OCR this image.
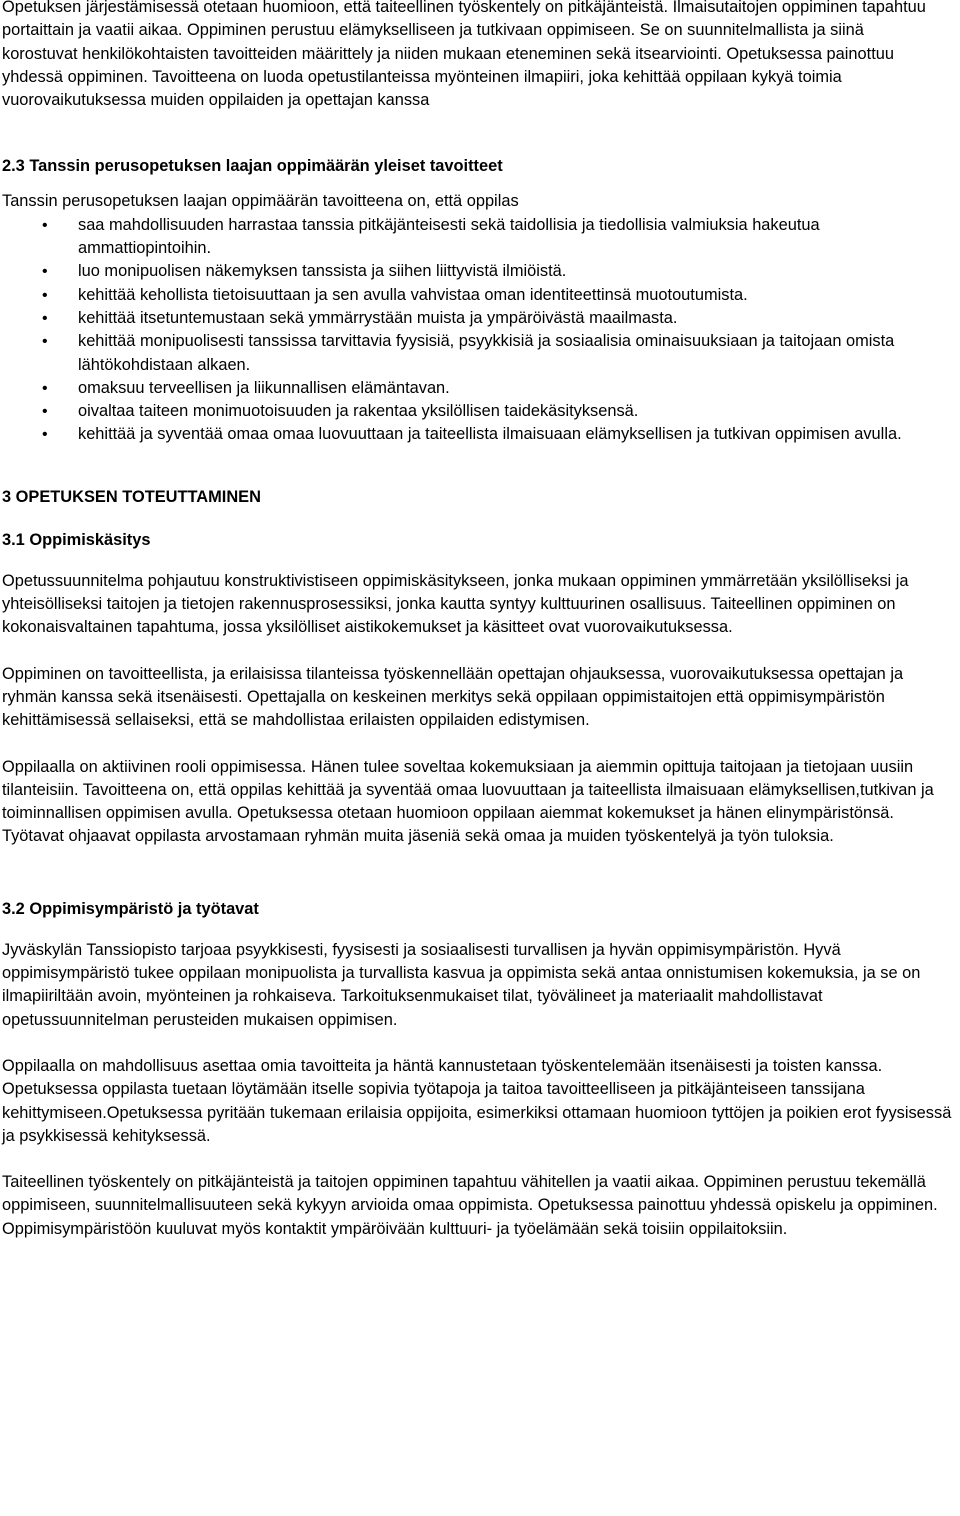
Opetuksen järjestämisessä otetaan huomioon, että taiteellinen työskentely on pitkäjänteistä. Ilmaisutaitojen oppiminen tapahtuu portaittain ja vaatii aikaa. Oppiminen perustuu elämykselliseen ja tutkivaan oppimiseen. Se on suunnitelmallista ja siinä korostuvat henkilökohtaisten tavoitteiden määrittely ja niiden mukaan eteneminen sekä itsearviointi. Opetuksessa painottuu yhdessä oppiminen. Tavoitteena on luoda opetustilanteissa myönteinen ilmapiiri, joka kehittää oppilaan kykyä toimia vuorovaikutuksessa muiden oppilaiden ja opettajan kanssa

2.3 Tanssin perusopetuksen laajan oppimäärän yleiset tavoitteet

Tanssin perusopetuksen laajan oppimäärän tavoitteena on, että oppilas

• saa mahdollisuuden harrastaa tanssia pitkäjänteisesti sekä taidollisia ja tiedollisia valmiuksia hakeutua ammattiopintoihin.
• luo monipuolisen näkemyksen tanssista ja siihen liittyvistä ilmiöistä.
• kehittää kehollista tietoisuuttaan ja sen avulla vahvistaa oman identiteettinsä muotoutumista.
• kehittää itsetuntemustaan sekä ymmärrystään muista ja ympäröivästä maailmasta.
• kehittää monipuolisesti tanssissa tarvittavia fyysisiä, psyykkisiä ja sosiaalisia ominaisuuksiaan ja taitojaan omista lähtökohdistaan alkaen.
• omaksuu terveellisen ja liikunnallisen elämäntavan.
• oivaltaa taiteen monimuotoisuuden ja rakentaa yksilöllisen taidekäsityksensä.
• kehittää ja syventää omaa omaa luovuuttaan ja taiteellista ilmaisuaan elämyksellisen ja tutkivan oppimisen avulla.
3 OPETUKSEN TOTEUTTAMINEN
3.1 Oppimiskäsitys

Opetussuunnitelma pohjautuu konstruktivistiseen oppimiskäsitykseen, jonka mukaan oppiminen ymmärretään yksilölliseksi ja yhteisölliseksi taitojen ja tietojen rakennusprosessiksi, jonka kautta syntyy kulttuurinen osallisuus. Taiteellinen oppiminen on kokonaisvaltainen tapahtuma, jossa yksilölliset aistikokemukset ja käsitteet ovat vuorovaikutuksessa.

Oppiminen on tavoitteellista, ja erilaisissa tilanteissa työskennellään opettajan ohjauksessa, vuorovaikutuksessa opettajan ja ryhmän kanssa sekä itsenäisesti. Opettajalla on keskeinen merkitys sekä oppilaan oppimistaitojen että oppimisympäristön kehittämisessä sellaiseksi, että se mahdollistaa erilaisten oppilaiden edistymisen.

Oppilaalla on aktiivinen rooli oppimisessa. Hänen tulee soveltaa kokemuksiaan ja aiemmin opittuja taitojaan ja tietojaan uusiin tilanteisiin. Tavoitteena on, että oppilas kehittää ja syventää omaa luovuuttaan ja taiteellista ilmaisuaan elämyksellisen,tutkivan ja toiminnallisen oppimisen avulla. Opetuksessa otetaan huomioon oppilaan aiemmat kokemukset ja hänen elinympäristönsä. Työtavat ohjaavat oppilasta arvostamaan ryhmän muita jäseniä sekä omaa ja muiden työskentelyä ja työn tuloksia.

3.2 Oppimisympäristö ja työtavat

Jyväskylän Tanssiopisto tarjoaa psyykkisesti, fyysisesti ja sosiaalisesti turvallisen ja hyvän oppimisympäristön. Hyvä oppimisympäristö tukee oppilaan monipuolista ja turvallista kasvua ja oppimista sekä antaa onnistumisen kokemuksia, ja se on ilmapiiriltään avoin, myönteinen ja rohkaiseva. Tarkoituksenmukaiset tilat, työvälineet ja materiaalit mahdollistavat opetussuunnitelman perusteiden mukaisen oppimisen.

Oppilaalla on mahdollisuus asettaa omia tavoitteita ja häntä kannustetaan työskentelemään itsenäisesti ja toisten kanssa. Opetuksessa oppilasta tuetaan löytämään itselle sopivia työtapoja ja taitoa tavoitteelliseen ja pitkäjänteiseen tanssijana kehittymiseen.Opetuksessa pyritään tukemaan erilaisia oppijoita, esimerkiksi ottamaan huomioon tyttöjen ja poikien erot fyysisessä ja psykkisessä kehityksessä.

Taiteellinen työskentely on pitkäjänteistä ja taitojen oppiminen tapahtuu vähitellen ja vaatii aikaa. Oppiminen perustuu tekemällä oppimiseen, suunnitelmallisuuteen sekä kykyyn arvioida omaa oppimista. Opetuksessa painottuu yhdessä opiskelu ja oppiminen. Oppimisympäristöön kuuluvat myös kontaktit ympäröivään kulttuuri- ja työelämään sekä toisiin oppilaitoksiin.
